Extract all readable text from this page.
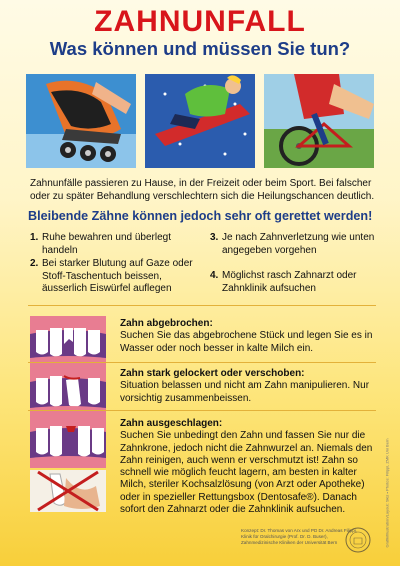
ZAHNUNFALL
Was können und müssen Sie tun?
Zahnunfälle passieren zu Hause, in der Freizeit oder beim Sport. Bei falscher oder zu später Behandlung verschlechtern sich die Heilungschancen deutlich.
Bleibende Zähne können jedoch sehr oft gerettet werden!
1. Ruhe bewahren und überlegt handeln
2. Bei starker Blutung auf Gaze oder Stoff-Taschentuch beissen, äusserlich Eiswürfel auflegen
3. Je nach Zahnverletzung wie unten angegeben vorgehen
4. Möglichst rasch Zahnarzt oder Zahnklinik aufsuchen
Zahn abgebrochen:
Suchen Sie das abgebrochene Stück und legen Sie es in Wasser oder noch besser in kalte Milch ein.
Zahn stark gelockert oder verschoben:
Situation belassen und nicht am Zahn manipulieren. Nur vorsichtig zusammenbeissen.
Zahn ausgeschlagen:
Suchen Sie unbedingt den Zahn und fassen Sie nur die Zahnkrone, jedoch nicht die Zahnwurzel an. Niemals den Zahn reinigen, auch wenn er verschmutzt ist! Zahn so schnell wie möglich feucht lagern, am besten in kalter Milch, steriler Kochsalzlösung (von Arzt oder Apotheke) oder in spezieller Rettungsbox (Dentosafe®). Danach sofort den Zahnarzt oder die Zahnklinik aufsuchen.
Konzept: Dr. Thomas von Arx und PD Dr. Andreas Filippi, Klinik für Oralchirurgie (Prof. Dr. D. Buser), Zahnmedizinische Kliniken der Universität Bern	Grafik/Illustration/Layout: Skiz • Photos: Filippi, ZMK Uni Bern
